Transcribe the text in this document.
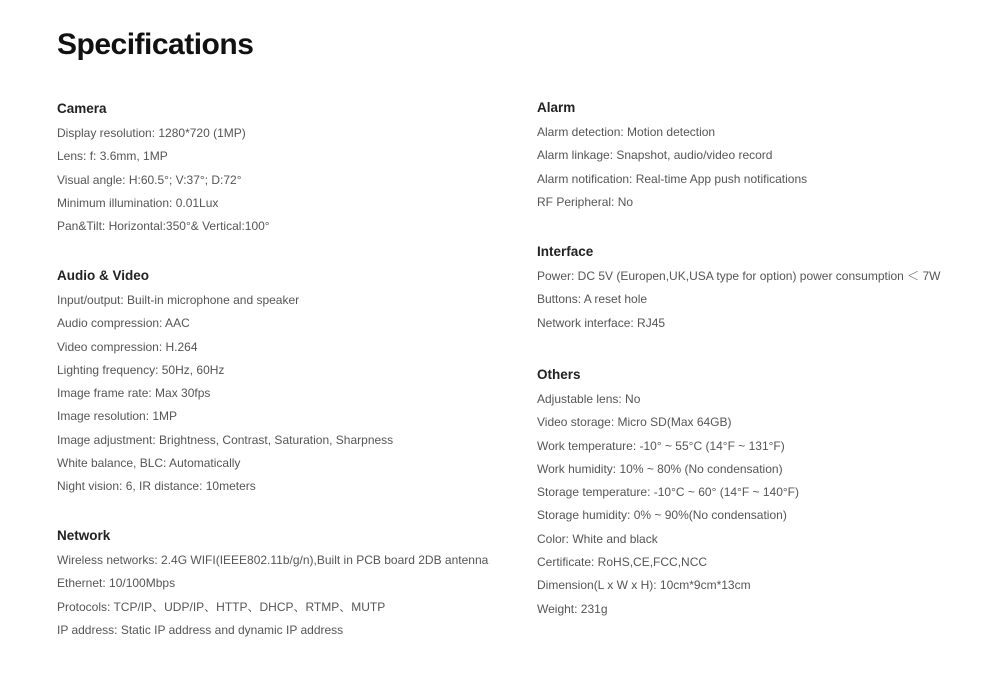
Specifications
Camera

Display resolution: 1280*720 (1MP)

Lens: f: 3.6mm, 1MP

Visual angle: H:60.5°; V:37°; D:72°

Minimum illumination: 0.01Lux

Pan&Tilt: Horizontal:350°& Vertical:100°

Audio & Video

Input/output: Built-in microphone and speaker

Audio compression: AAC

Video compression: H.264

Lighting frequency: 50Hz, 60Hz

Image frame rate: Max 30fps

Image resolution: 1MP

Image adjustment: Brightness, Contrast, Saturation, Sharpness

White balance, BLC: Automatically

Night vision: 6, IR distance: 10meters

Network

Wireless networks: 2.4G WIFI(IEEE802.11b/g/n),Built in PCB board 2DB antenna

Ethernet: 10/100Mbps

Protocols: TCP/IP、UDP/IP、HTTP、DHCP、RTMP、MUTP

IP address: Static IP address and dynamic IP address

Alarm

Alarm detection: Motion detection

Alarm linkage: Snapshot, audio/video record

Alarm notification: Real-time App push notifications

RF Peripheral: No

Interface

Power: DC 5V (Europen,UK,USA type for option) power consumption ＜ 7W

Buttons: A reset hole

Network interface: RJ45

Others

Adjustable lens: No

Video storage: Micro SD(Max 64GB)

Work temperature: -10° ~ 55°C (14°F ~ 131°F)

Work humidity: 10% ~ 80% (No condensation)

Storage temperature: -10°C ~ 60° (14°F ~ 140°F)

Storage humidity: 0% ~ 90%(No condensation)

Color: White and black

Certificate: RoHS,CE,FCC,NCC

Dimension(L x W x H): 10cm*9cm*13cm

Weight: 231g
